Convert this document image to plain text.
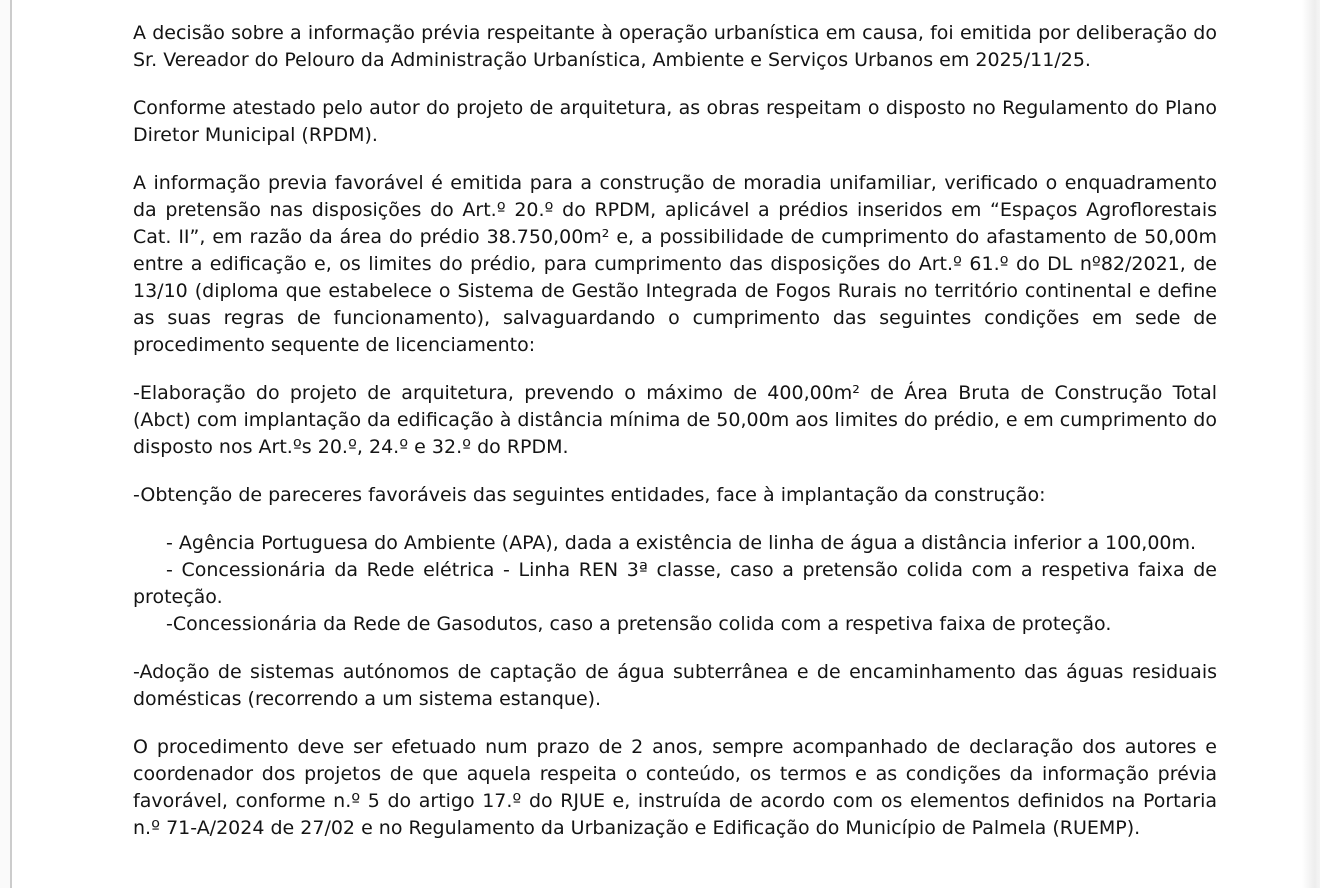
A decisão sobre a informação prévia respeitante à operação urbanística em causa, foi emitida por deliberação do Sr. Vereador do Pelouro da Administração Urbanística, Ambiente e Serviços Urbanos em 2025/11/25.

Conforme atestado pelo autor do projeto de arquitetura, as obras respeitam o disposto no Regulamento do Plano Diretor Municipal (RPDM).

A informação previa favorável é emitida para a construção de moradia unifamiliar, verificado o enquadramento da pretensão nas disposições do Art.º 20.º do RPDM, aplicável a prédios inseridos em “Espaços Agroflorestais Cat. II”, em razão da área do prédio 38.750,00m² e, a possibilidade de cumprimento do afastamento de 50,00m entre a edificação e, os limites do prédio, para cumprimento das disposições do Art.º 61.º do DL nº82/2021, de 13/10 (diploma que estabelece o Sistema de Gestão Integrada de Fogos Rurais no território continental e define as suas regras de funcionamento), salvaguardando o cumprimento das seguintes condições em sede de procedimento sequente de licenciamento:

-Elaboração do projeto de arquitetura, prevendo o máximo de 400,00m² de Área Bruta de Construção Total (Abct) com implantação da edificação à distância mínima de 50,00m aos limites do prédio, e em cumprimento do disposto nos Art.ºs 20.º, 24.º e 32.º do RPDM.

-Obtenção de pareceres favoráveis das seguintes entidades, face à implantação da construção:

- Agência Portuguesa do Ambiente (APA), dada a existência de linha de água a distância inferior a 100,00m.

- Concessionária da Rede elétrica - Linha REN 3ª classe, caso a pretensão colida com a respetiva faixa de proteção.

-Concessionária da Rede de Gasodutos, caso a pretensão colida com a respetiva faixa de proteção.

-Adoção de sistemas autónomos de captação de água subterrânea e de encaminhamento das águas residuais domésticas (recorrendo a um sistema estanque).

O procedimento deve ser efetuado num prazo de 2 anos, sempre acompanhado de declaração dos autores e coordenador dos projetos de que aquela respeita o conteúdo, os termos e as condições da informação prévia favorável, conforme n.º 5 do artigo 17.º do RJUE e, instruída de acordo com os elementos definidos na Portaria n.º 71-A/2024 de 27/02 e no Regulamento da Urbanização e Edificação do Município de Palmela (RUEMP).
